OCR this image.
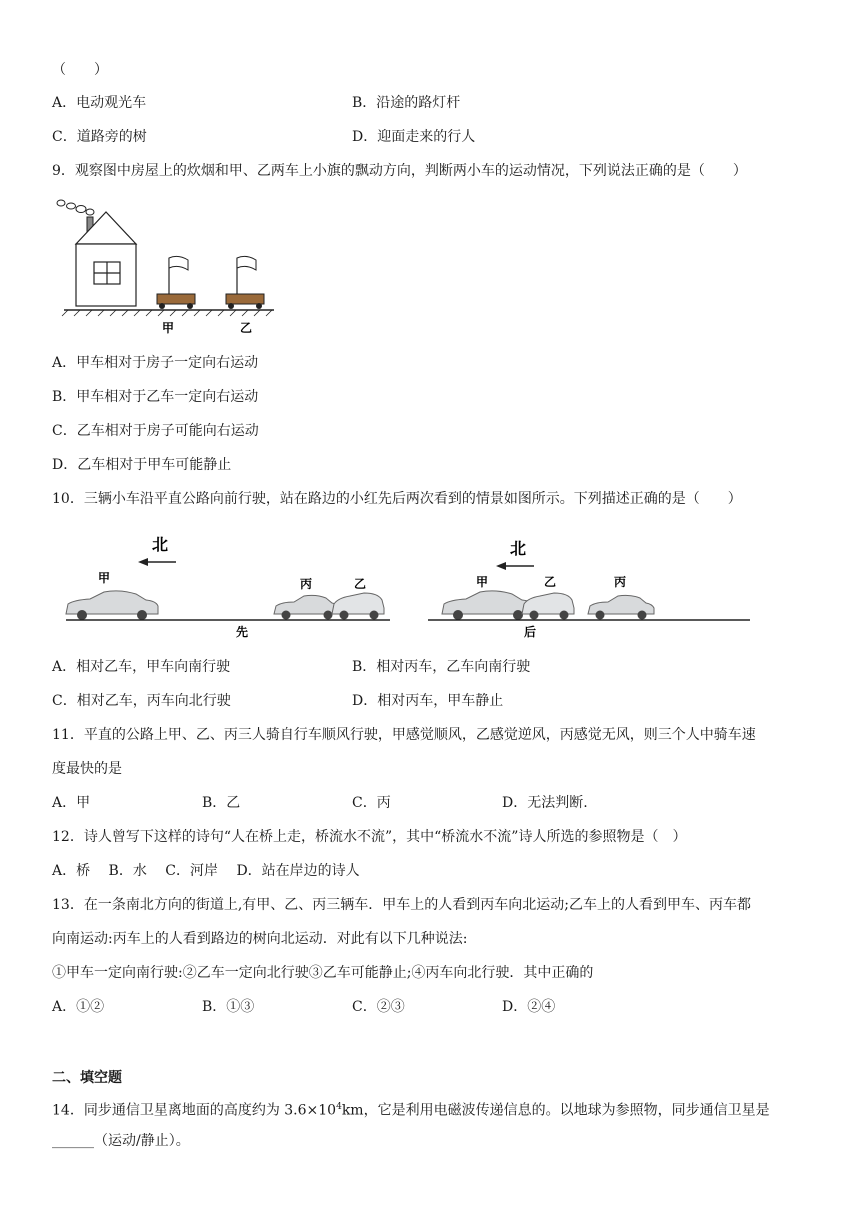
（　　）
A．电动观光车	B．沿途的路灯杆
C．道路旁的树	D．迎面走来的行人
9．观察图中房屋上的炊烟和甲、乙两车上小旗的飘动方向，判断两小车的运动情况，下列说法正确的是（　　）
甲	乙
A．甲车相对于房子一定向右运动
B．甲车相对于乙车一定向右运动
C．乙车相对于房子可能向右运动
D．乙车相对于甲车可能静止
10．三辆小车沿平直公路向前行驶，站在路边的小红先后两次看到的情景如图所示。下列描述正确的是（　　）
北
甲	丙	乙
先
北
甲	乙	丙
后
A．相对乙车，甲车向南行驶	B．相对丙车，乙车向南行驶
C．相对乙车，丙车向北行驶	D．相对丙车，甲车静止
11．平直的公路上甲、乙、丙三人骑自行车顺风行驶，甲感觉顺风，乙感觉逆风，丙感觉无风，则三个人中骑车速
度最快的是
A．甲	B．乙	C．丙	D．无法判断.
12．诗人曾写下这样的诗句“人在桥上走，桥流水不流”，其中“桥流水不流”诗人所选的参照物是（　）
A．桥　 B．水　 C．河岸　 D．站在岸边的诗人
13．在一条南北方向的街道上,有甲、乙、丙三辆车．甲车上的人看到丙车向北运动;乙车上的人看到甲车、丙车都
向南运动:丙车上的人看到路边的树向北运动．对此有以下几种说法:
①甲车一定向南行驶:②乙车一定向北行驶③乙车可能静止;④丙车向北行驶．其中正确的
A．①②	B．①③	C．②③	D．②④
二、填空题
14．同步通信卫星离地面的高度约为 $3.6\times 10^4km$，它是利用电磁波传递信息的。以地球为参照物，同步通信卫星是
______（运动/静止）。
